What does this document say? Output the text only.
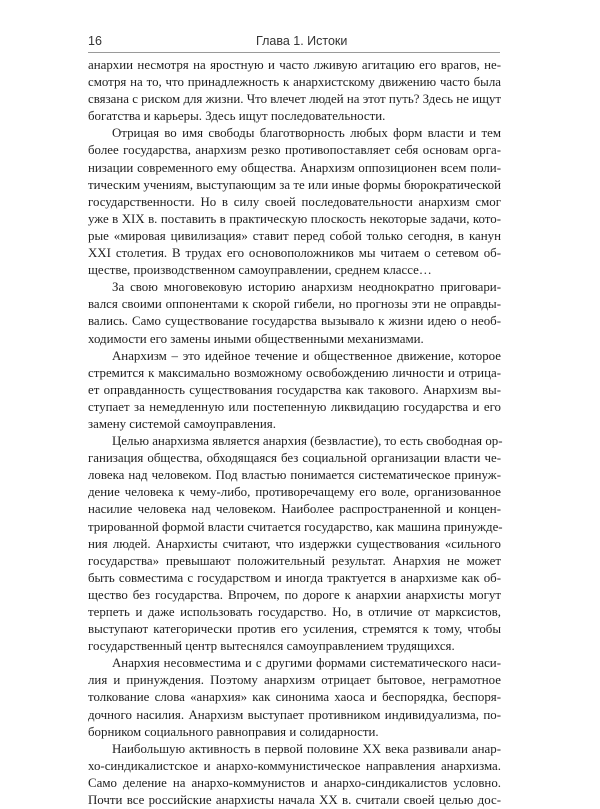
16	Глава 1. Истоки
анархии несмотря на яростную и часто лживую агитацию его врагов, не-
смотря на то, что принадлежность к анархистскому движению часто была
связана с риском для жизни. Что влечет людей на этот путь? Здесь не ищут
богатства и карьеры. Здесь ищут последовательности.
Отрицая во имя свободы благотворность любых форм власти и тем
более государства, анархизм резко противопоставляет себя основам орга-
низации современного ему общества. Анархизм оппозиционен всем поли-
тическим учениям, выступающим за те или иные формы бюрократической
государственности. Но в силу своей последовательности анархизм смог
уже в XIX в. поставить в практическую плоскость некоторые задачи, кото-
рые «мировая цивилизация» ставит перед собой только сегодня, в канун
XXI столетия. В трудах его основоположников мы читаем о сетевом об-
ществе, производственном самоуправлении, среднем классе…
За свою многовековую историю анархизм неоднократно приговари-
вался своими оппонентами к скорой гибели, но прогнозы эти не оправды-
вались. Само существование государства вызывало к жизни идею о необ-
ходимости его замены иными общественными механизмами.
Анархизм – это идейное течение и общественное движение, которое
стремится к максимально возможному освобождению личности и отрица-
ет оправданность существования государства как такового. Анархизм вы-
ступает за немедленную или постепенную ликвидацию государства и его
замену системой самоуправления.
Целью анархизма является анархия (безвластие), то есть свободная ор-
ганизация общества, обходящаяся без социальной организации власти че-
ловека над человеком. Под властью понимается систематическое принуж-
дение человека к чему-либо, противоречащему его воле, организованное
насилие человека над человеком. Наиболее распространенной и концен-
трированной формой власти считается государство, как машина принужде-
ния людей. Анархисты считают, что издержки существования «сильного
государства» превышают положительный результат. Анархия не может
быть совместима с государством и иногда трактуется в анархизме как об-
щество без государства. Впрочем, по дороге к анархии анархисты могут
терпеть и даже использовать государство. Но, в отличие от марксистов,
выступают категорически против его усиления, стремятся к тому, чтобы
государственный центр вытеснялся самоуправлением трудящихся.
Анархия несовместима и с другими формами систематического наси-
лия и принуждения. Поэтому анархизм отрицает бытовое, неграмотное
толкование слова «анархия» как синонима хаоса и беспорядка, беспоря-
дочного насилия. Анархизм выступает противником индивидуализма, по-
борником социального равноправия и солидарности.
Наибольшую активность в первой половине XX века развивали анар-
хо-синдикалистское и анархо-коммунистическое направления анархизма.
Само деление на анархо-коммунистов и анархо-синдикалистов условно.
Почти все российские анархисты начала XX в. считали своей целью дос-
